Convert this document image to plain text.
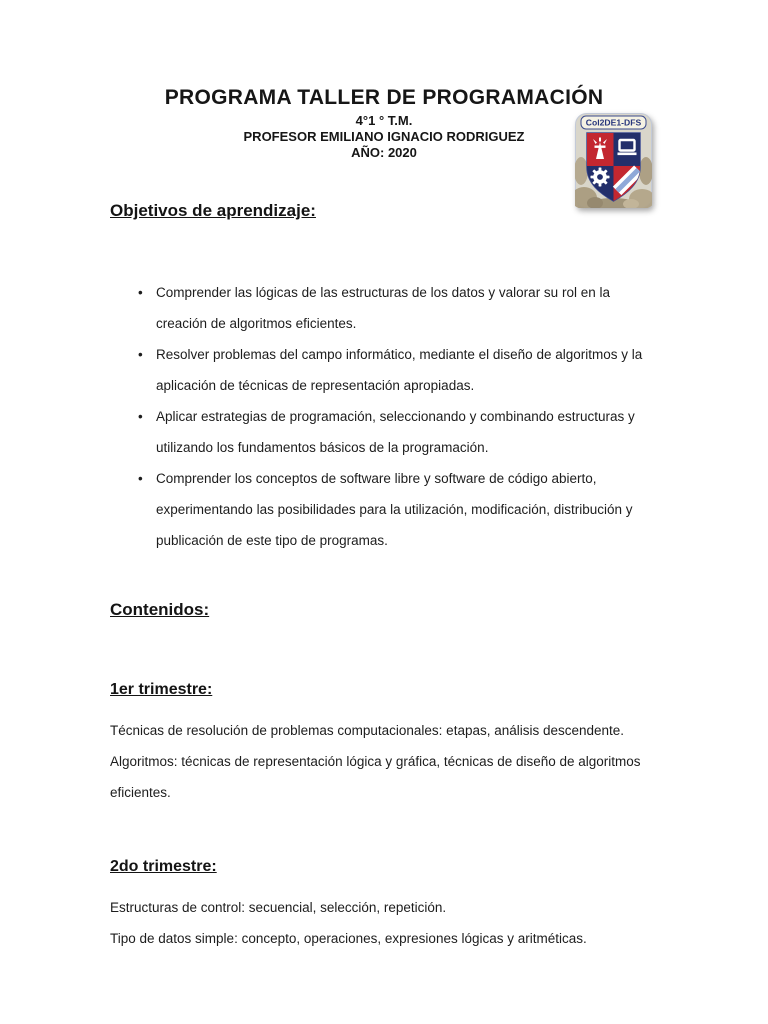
PROGRAMA TALLER DE PROGRAMACIÓN
4°1 ° T.M.
PROFESOR EMILIANO IGNACIO RODRIGUEZ
AÑO: 2020
Col2DE1-DFS
Objetivos de aprendizaje:
• Comprender las lógicas de las estructuras de los datos y valorar su rol en la creación de algoritmos eficientes.
• Resolver problemas del campo informático, mediante el diseño de algoritmos y la aplicación de técnicas de representación apropiadas.
• Aplicar estrategias de programación, seleccionando y combinando estructuras y utilizando los fundamentos básicos de la programación.
• Comprender los conceptos de software libre y software de código abierto, experimentando las posibilidades para la utilización, modificación, distribución y publicación de este tipo de programas.
Contenidos:
1er trimestre:

Técnicas de resolución de problemas computacionales: etapas, análisis descendente.

Algoritmos: técnicas de representación lógica y gráfica, técnicas de diseño de algoritmos eficientes.

2do trimestre:

Estructuras de control: secuencial, selección, repetición.

Tipo de datos simple: concepto, operaciones, expresiones lógicas y aritméticas.
